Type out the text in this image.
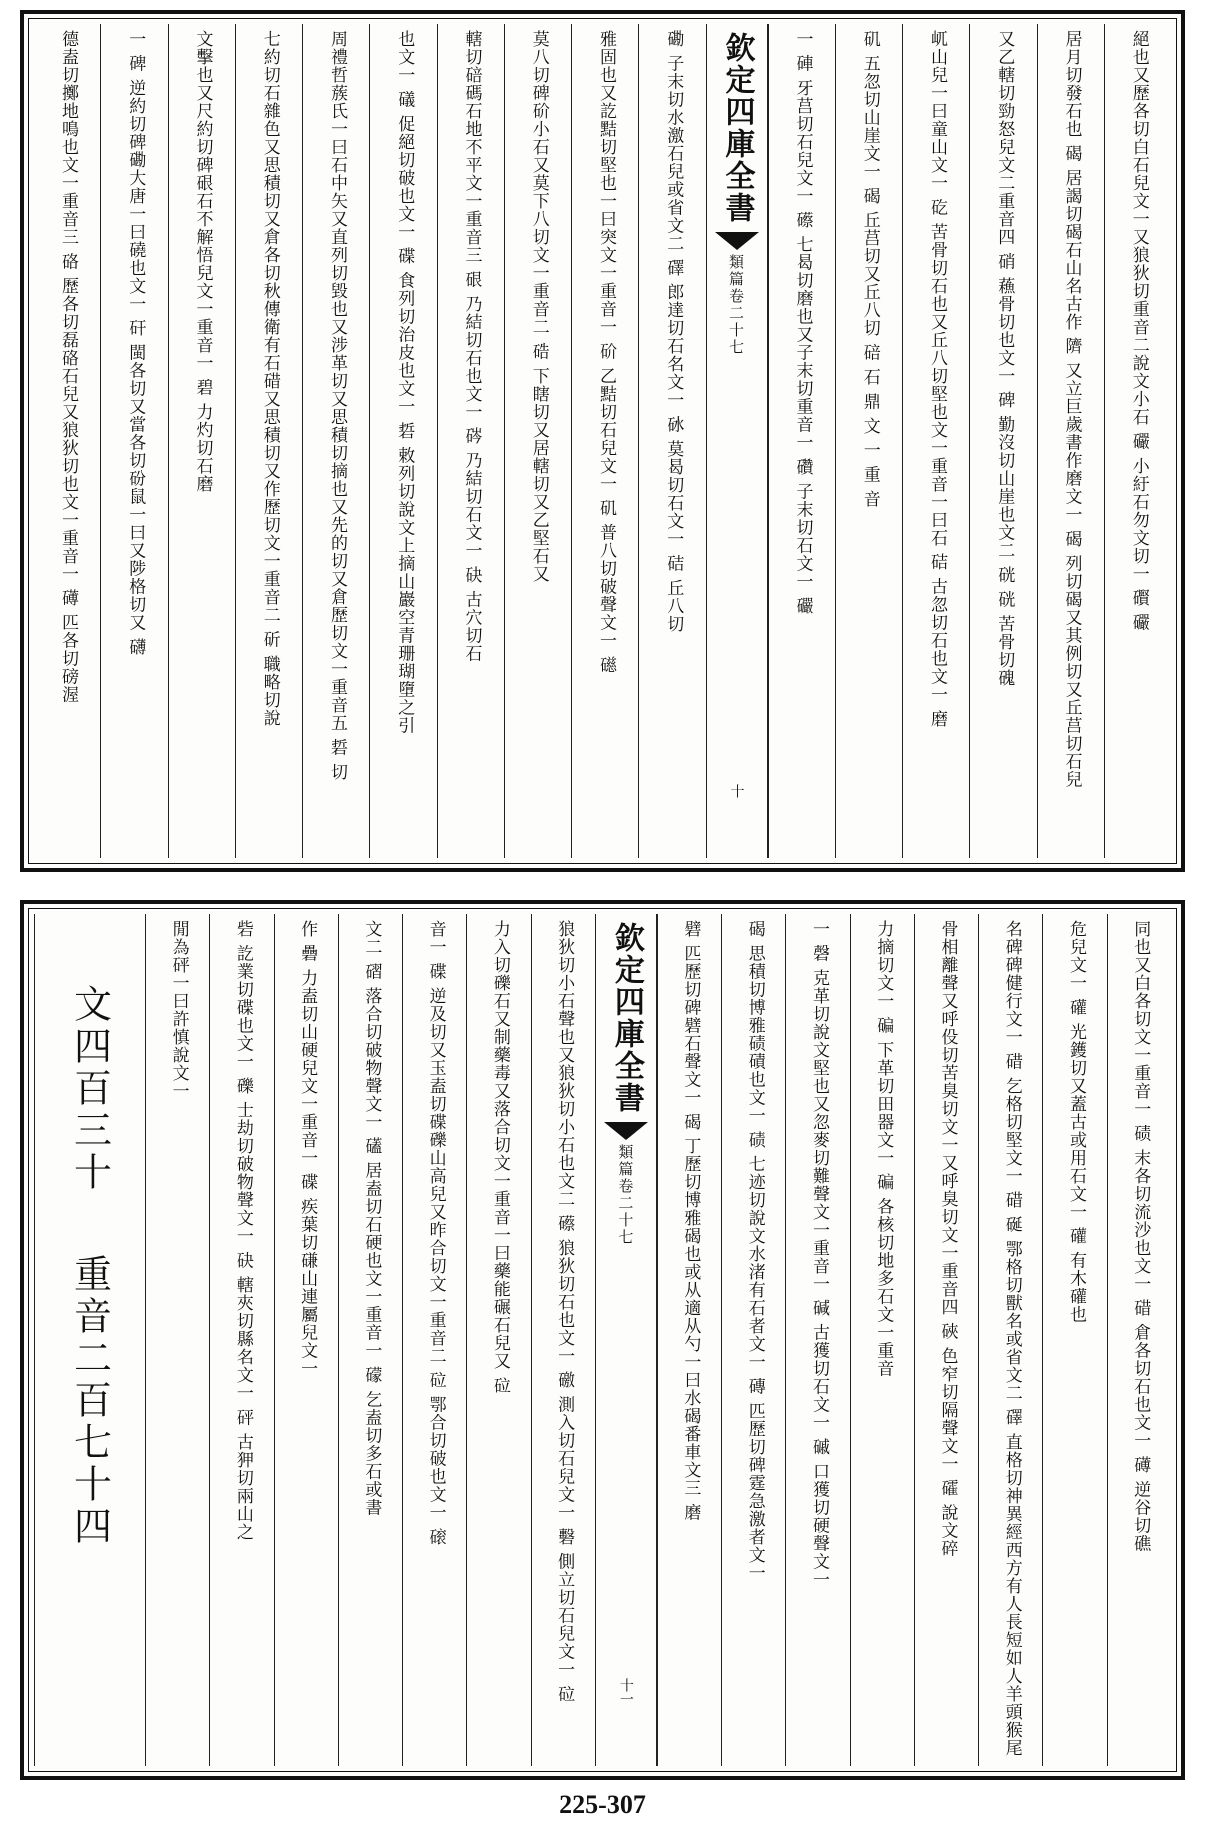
絕也又歷各切白石兒文一又狼狄切重音二說文小石 礹 小紆石勿文切一 礥 礹
居月切發石也 碣 居謁切碣石山名古作 隮 又立巨歲書作磨文一 碣 列切碣又其例切又丘莒切石兒
又乙轄切勁怒兒文二重音四 硝 蘓骨切也文一 碑 勤沒切山崖也文二 硄 硄 苦骨切磈
屼山兒一曰童山文一 矻 苦骨切石也又丘八切堅也文一重音一曰石 硈 古忽切石也文一 磨
矶 五忽切山崖文一 碣 丘莒切又丘八切 碚 石 鼎 文 一 重 音
一 硨 牙莒切石兒文一 礤 七曷切磨也又子末切重音一 礸 子末切石文一 礹
欽定四庫全書
類篇
卷二十七
十
磡 子末切水激石兒或省文二 礋 郎達切石名文一 砅 莫曷切石文一 硈 丘八切
雅固也又訖黠切堅也一曰突文一重音一 砎 乙黠切石兒文一 矶 普八切破聲文一 礠
莫八切碑砎小石又莫下八切文一重音二 硞 下瞎切又居轄切又乙堅石又
轄切碚碼石地不平文一重音三 硍 乃結切石也文一 硶 乃結切石文一 砄 古穴切石
也文一 礒 促絕切破也文一 碟 食列切治皮也文一 硩 敕列切說文上摘山巖空青珊瑚墮之引
周禮哲蔟氏一曰石中矢又直列切毀也又涉革切又思積切摘也又先的切又倉歷切文一重音五 硩 切
七約切石雜色又思積切又倉各切秋傳衛有石碏又思積切又作歷切文一重音二 斫 職略切說
文擊也又尺約切碑硍石不解悟兒文一重音一 碧 力灼切石磨
一 碑 逆約切碑磡大唐一曰磽也文一 矸 閩各切又當各切砏鼠一曰又陟格切又 礴
德盍切擲地鳴也文一重音三 硌 歷各切磊硌石兒又狼狄切也文一重音一 礡 匹各切磅渥
同也又白各切文一重音一 碛 末各切流沙也文一 碏 倉各切石也文一 礡 逆谷切礁
危兒文一 礶 光鑊切又蓋古或用石文一 礶 有木礶也
名碑碑健行文一 碏 乞格切堅文一 碏 硟 鄂格切獸名或省文二 礋 直格切神異經西方有人長短如人羊頭猴尾
骨相離聲又呼伇切苦臭切文一又呼臭切文一重音四 硤 色窄切隔聲文一 礭 說文碎
力摘切文一 碥 下革切田器文一 碥 各核切地多石文一重音
一 磬 克革切說文堅也又忽麥切難聲文一重音一 碱 古獲切石文一 磩 口獲切硬聲文一
碣 思積切博雅碛磧也文一 碛 七迹切說文水渚有石者文一 磚 匹歷切碑霆急激者文一
礕 匹歷切碑礕石聲文一 碣 丁歷切博雅碣也或从適从勺一曰水碣番車文三 磨
欽定四庫全書
類篇
卷二十七
十一
狼狄切小石聲也又狼狄切小石也文二 礤 狼狄切石也文一 礉 測入切石兒文一 礊 側立切石兒文一 砬
力入切礫石又制藥毒又落合切文一重音一曰藥能碾石兒又 砬
音一 碟 逆及切又玉盍切碟礫山高兒又昨合切文一重音二 砬 鄂合切破也文一 磙
文二 磖 落合切破物聲文一 礚 居盍切石硬也文一重音一 礞 乞盍切多石或書
作 礨 力盍切山硬兒文一重音一 碟 疾葉切磏山連屬兒文一
砦 訖業切碟也文一 礫 士劫切破物聲文一 砄 轄夾切縣名文一 砰 古狎切兩山之
閒為砰一曰許慎說文一
文四百三十
重音二百七十四
225-307
